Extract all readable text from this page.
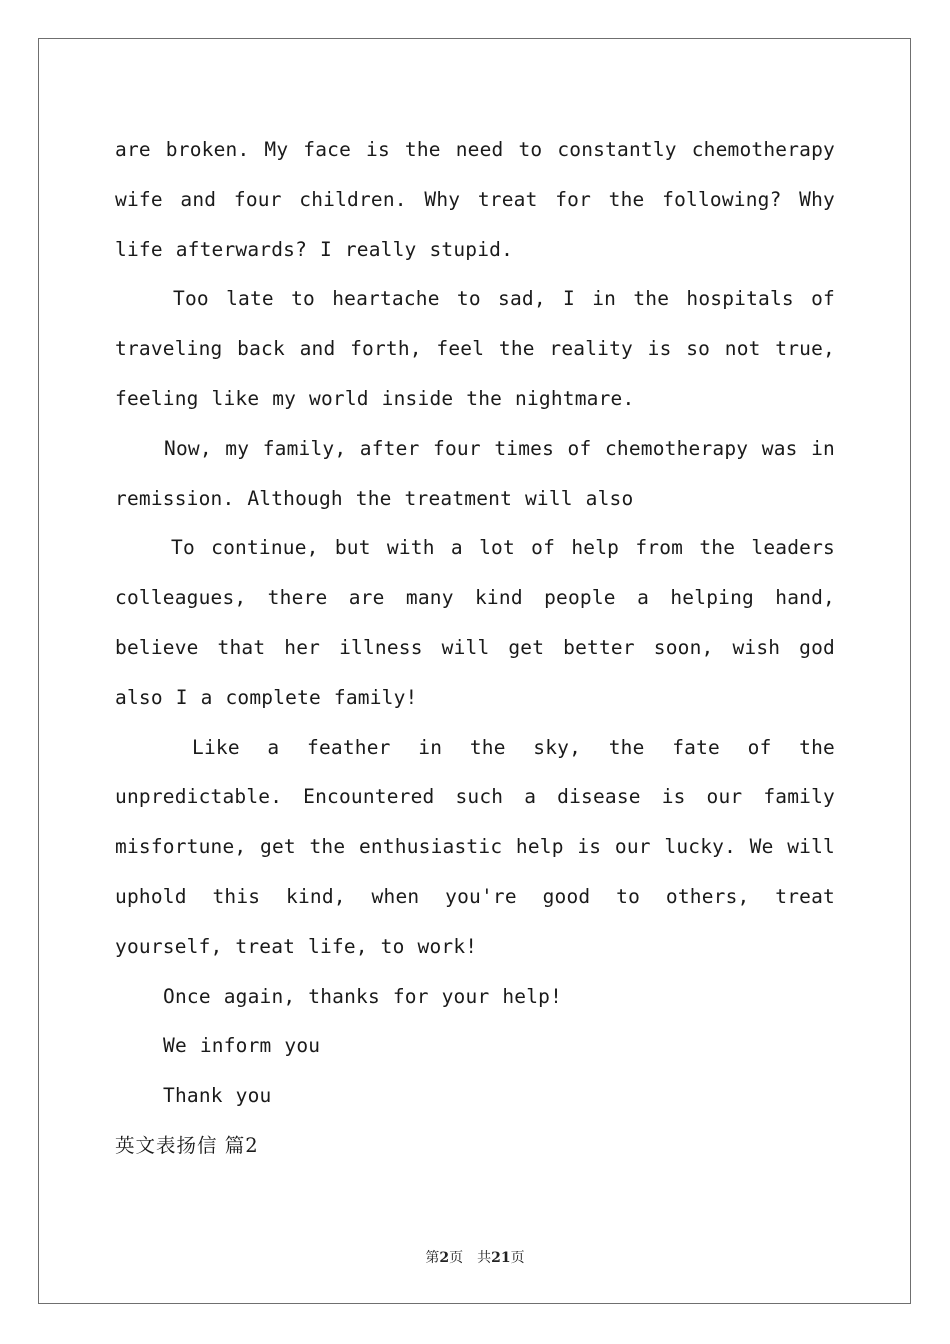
are broken. My face is the need to constantly chemotherapy wife and four children. Why treat for the following? Why life afterwards? I really stupid.

Too late to heartache to sad, I in the hospitals of traveling back and forth, feel the reality is so not true, feeling like my world inside the nightmare.

Now, my family, after four times of chemotherapy was in remission. Although the treatment will also

To continue, but with a lot of help from the leaders colleagues, there are many kind people a helping hand, believe that her illness will get better soon, wish god also I a complete family!

Like a feather in the sky, the fate of the unpredictable. Encountered such a disease is our family misfortune, get the enthusiastic help is our lucky. We will uphold this kind, when you're good to others, treat yourself, treat life, to work!

Once again, thanks for your help!

We inform you

Thank you

英文表扬信 篇2

第2页 共21页
